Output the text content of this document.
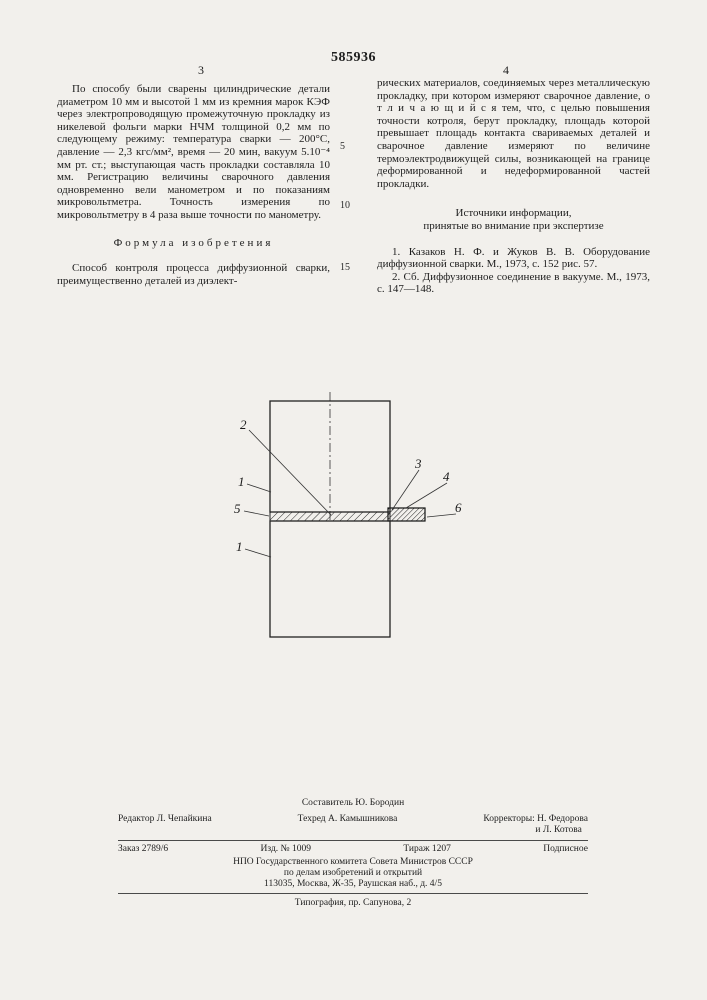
585936
3	4
5
10
15

По способу были сварены цилиндрические детали диаметром 10 мм и высотой 1 мм из кремния марок КЭФ через электропроводящую промежуточную прокладку из никелевой фольги марки НЧМ толщиной 0,2 мм по следующему режиму: температура сварки — 200°С, давление — 2,3 кгс/мм², время — 20 мин, вакуум 5.10⁻⁴ мм рт. ст.; выступающая часть прокладки составляла 10 мм. Регистрацию величины сварочного давления одновременно вели манометром и по показаниям микровольтметра. Точность измерения по микровольтметру в 4 раза выше точности по манометру.

Формула изобретения

Способ контроля процесса диффузионной сварки, преимущественно деталей из диэлект-

рических материалов, соединяемых через металлическую прокладку, при котором измеряют сварочное давление, о т л и ч а ю щ и й с я тем, что, с целью повышения точности котроля, берут прокладку, площадь которой превышает площадь контакта свариваемых деталей и сварочное давление измеряют по величине термоэлектродвижущей силы, возникающей на границе деформированной и недеформированной частей прокладки.

Источники информации,
принятые во внимание при экспертизе

1. Казаков Н. Ф. и Жуков В. В. Оборудование диффузионной сварки. М., 1973, с. 152 рис. 57.

2. Сб. Диффузионное соединение в вакууме. М., 1973, с. 147—148.

2
1
5
1
3
4
6
Составитель Ю. Бородин
Редактор Л. Чепайкина	Техред А. Камышникова	Корректоры: Н. Федорова
и Л. Котова
Заказ 2789/6	Изд. № 1009	Тираж 1207	Подписное

НПО Государственного комитета Совета Министров СССР

по делам изобретений и открытий

113035, Москва, Ж-35, Раушская наб., д. 4/5

Типография, пр. Сапунова, 2
